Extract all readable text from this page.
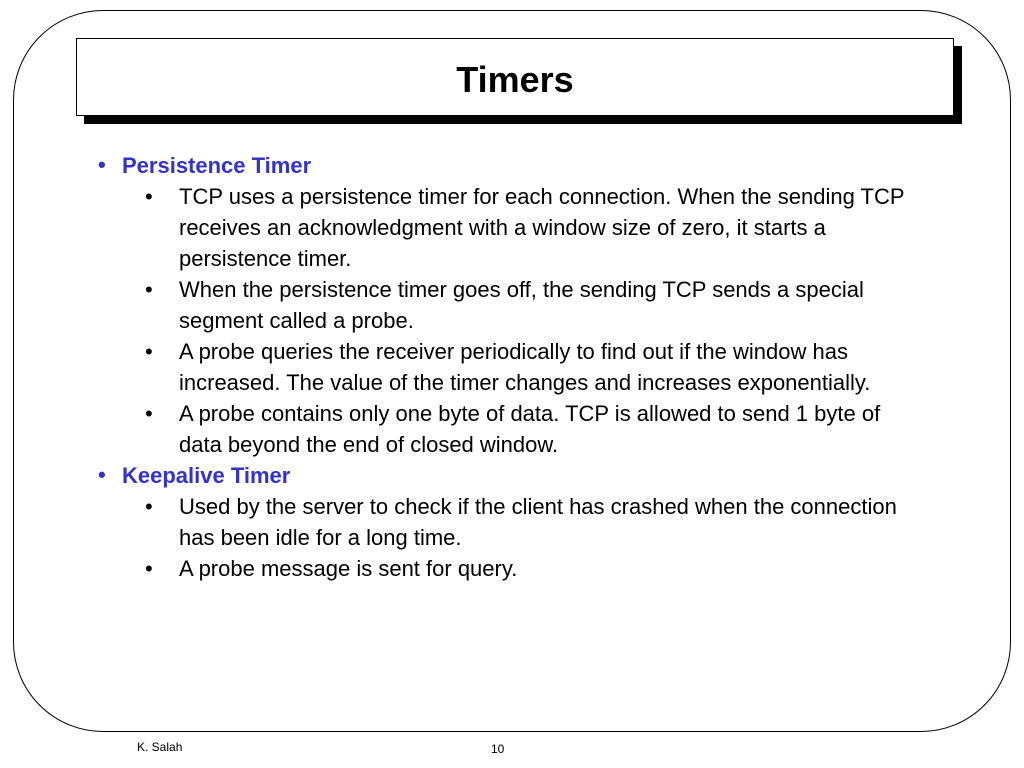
Timers
• Persistence Timer
• TCP uses a persistence timer for each connection. When the sending TCP receives an acknowledgment with a window size of zero, it starts a persistence timer.
• When the persistence timer goes off, the sending TCP sends a special segment called a probe.
• A probe queries the receiver periodically to find out if the window has increased. The value of the timer changes and increases exponentially.
• A probe contains only one byte of data. TCP is allowed to send 1 byte of data beyond the end of closed window.
• Keepalive Timer
• Used by the server to check if the client has crashed when the connection has been idle for a long time.
• A probe message is sent for query.
K. Salah	10
